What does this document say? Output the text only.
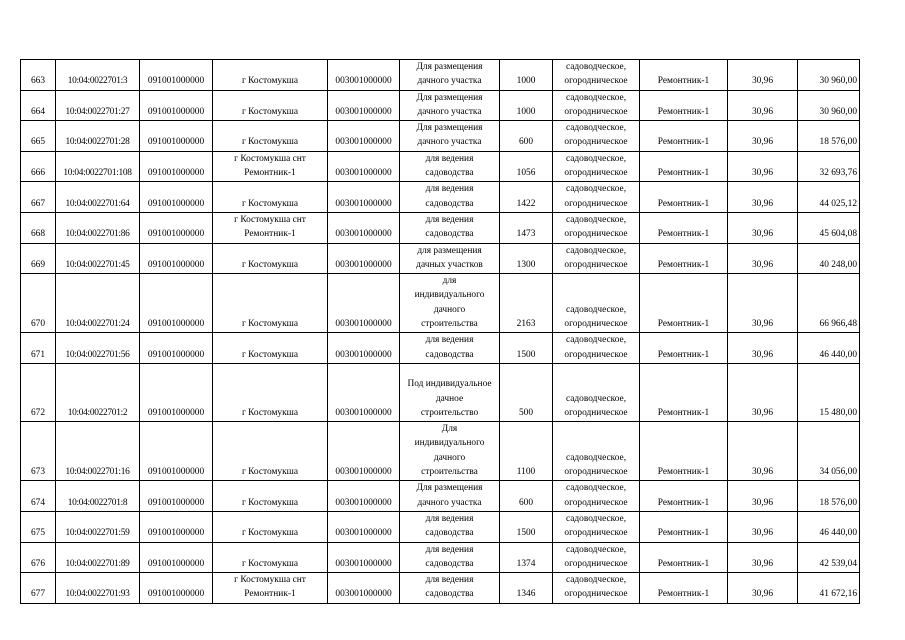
663	10:04:0022701:3	091001000000	г Костомукша	003001000000	Для размещения
дачного участка	1000	садоводческое,
огородническое	Ремонтник-1	30,96	30 960,00
664	10:04:0022701:27	091001000000	г Костомукша	003001000000	Для размещения
дачного участка	1000	садоводческое,
огородническое	Ремонтник-1	30,96	30 960,00
665	10:04:0022701:28	091001000000	г Костомукша	003001000000	Для размещения
дачного участка	600	садоводческое,
огородническое	Ремонтник-1	30,96	18 576,00
666	10:04:0022701:108	091001000000	г Костомукша снт
Ремонтник-1	003001000000	для ведения
садоводства	1056	садоводческое,
огородническое	Ремонтник-1	30,96	32 693,76
667	10:04:0022701:64	091001000000	г Костомукша	003001000000	для ведения
садоводства	1422	садоводческое,
огородническое	Ремонтник-1	30,96	44 025,12
668	10:04:0022701:86	091001000000	г Костомукша снт
Ремонтник-1	003001000000	для ведения
садоводства	1473	садоводческое,
огородническое	Ремонтник-1	30,96	45 604,08
669	10:04:0022701:45	091001000000	г Костомукша	003001000000	для размещения
дачных участков	1300	садоводческое,
огородническое	Ремонтник-1	30,96	40 248,00
670	10:04:0022701:24	091001000000	г Костомукша	003001000000	для
индивидуального
дачного
строительства	2163	садоводческое,
огородническое	Ремонтник-1	30,96	66 966,48
671	10:04:0022701:56	091001000000	г Костомукша	003001000000	для ведения
садоводства	1500	садоводческое,
огородническое	Ремонтник-1	30,96	46 440,00
672	10:04:0022701:2	091001000000	г Костомукша	003001000000	Под индивидуальное
дачное
строительство	500	садоводческое,
огородническое	Ремонтник-1	30,96	15 480,00
673	10:04:0022701:16	091001000000	г Костомукша	003001000000	Для
индивидуального
дачного
строительства	1100	садоводческое,
огородническое	Ремонтник-1	30,96	34 056,00
674	10:04:0022701:8	091001000000	г Костомукша	003001000000	Для размещения
дачного участка	600	садоводческое,
огородническое	Ремонтник-1	30,96	18 576,00
675	10:04:0022701:59	091001000000	г Костомукша	003001000000	для ведения
садоводства	1500	садоводческое,
огородническое	Ремонтник-1	30,96	46 440,00
676	10:04:0022701:89	091001000000	г Костомукша	003001000000	для ведения
садоводства	1374	садоводческое,
огородническое	Ремонтник-1	30,96	42 539,04
677	10:04:0022701:93	091001000000	г Костомукша снт
Ремонтник-1	003001000000	для ведения
садоводства	1346	садоводческое,
огородническое	Ремонтник-1	30,96	41 672,16
